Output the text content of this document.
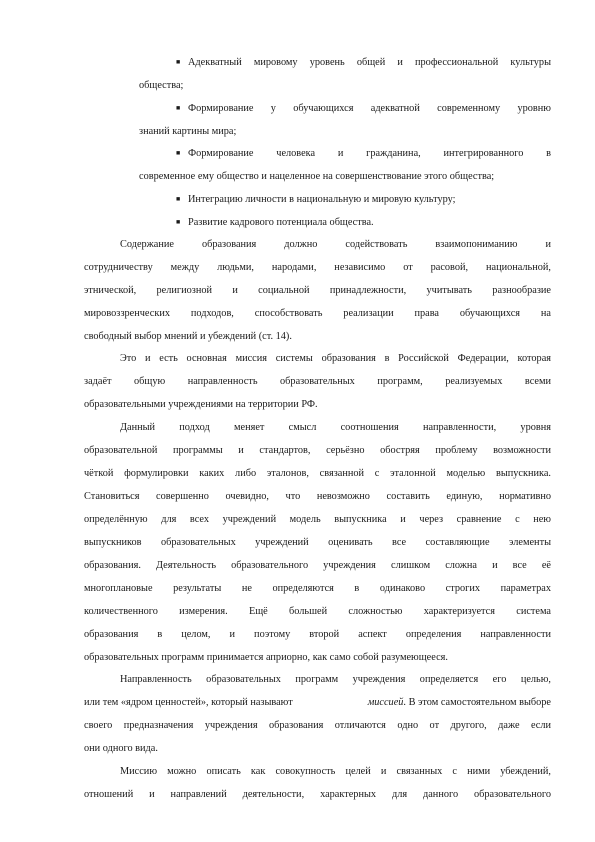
■ Адекватный мировому уровень общей и профессиональной культуры
общества;
■ Формирование у обучающихся адекватной современному уровню
знаний картины мира;
■ Формирование человека и гражданина, интегрированного в
современное ему общество и нацеленное на совершенствование этого общества;
■ Интеграцию личности в национальную и мировую культуру;
■ Развитие кадрового потенциала общества.
Содержание образования должно содействовать взаимопониманию и
сотрудничеству между людьми, народами, независимо от расовой, национальной,
этнической, религиозной и социальной принадлежности, учитывать разнообразие
мировоззренческих подходов, способствовать реализации права обучающихся на
свободный выбор мнений и убеждений (ст. 14).
Это и есть основная миссия системы образования в Российской Федерации, которая
задаёт общую направленность образовательных программ, реализуемых всеми
образовательными учреждениями на территории РФ.
Данный подход меняет смысл соотношения направленности, уровня
образовательной программы и стандартов, серьёзно обостряя проблему возможности
чёткой формулировки каких либо эталонов, связанной с эталонной моделью выпускника.
Становиться совершенно очевидно, что невозможно составить единую, нормативно
определённую для всех учреждений модель выпускника и через сравнение с нею
выпускников образовательных учреждений оценивать все составляющие элементы
образования. Деятельность образовательного учреждения слишком сложна и все её
многоплановые результаты не определяются в одинаково строгих параметрах
количественного измерения. Ещё большей сложностью характеризуется система
образования в целом, и поэтому второй аспект определения направленности
образовательных программ принимается априорно, как само собой разумеющееся.
Направленность образовательных программ учреждения определяется его целью,
или тем «ядром ценностей», который называют	миссией . В этом самостоятельном выборе
своего предназначения учреждения образования отличаются одно от другого, даже если
они одного вида.
Миссию можно описать как совокупность целей и связанных с ними убеждений,
отношений и направлений деятельности, характерных для данного образовательного
